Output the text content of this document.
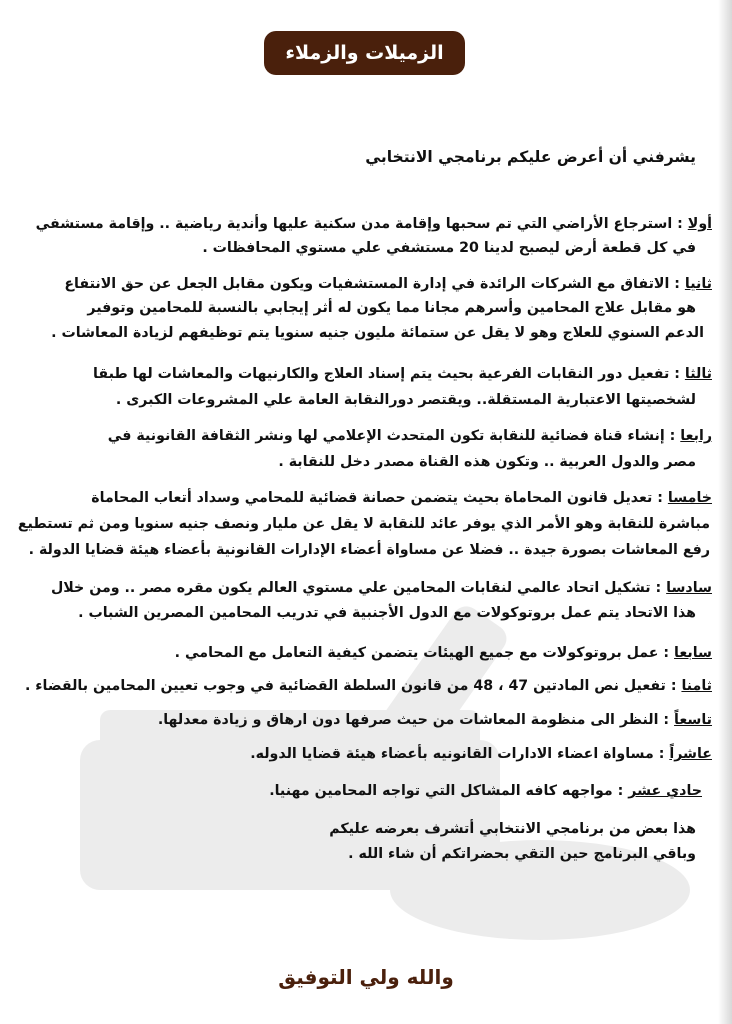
الزميلات والزملاء
يشرفني أن أعرض عليكم برنامجي الانتخابي
أولا : استرجاع الأراضي التي تم سحبها وإقامة مدن سكنية عليها وأندية رياضية .. وإقامة مستشفي
في كل قطعة أرض ليصبح لدينا 20 مستشفي علي مستوي المحافظات .
ثانيا : الاتفاق مع الشركات الرائدة في إدارة المستشفيات ويكون مقابل الجعل عن حق الانتفاع
هو مقابل علاج المحامين وأسرهم مجانا مما يكون له أثر إيجابي بالنسبة للمحامين وتوفير
الدعم السنوي للعلاج وهو لا يقل عن ستمائة مليون جنيه سنويا يتم توظيفهم لزيادة المعاشات .
ثالثا : تفعيل دور النقابات الفرعية بحيث يتم إسناد العلاج والكارنيهات والمعاشات لها طبقا
لشخصيتها الاعتبارية المستقلة.. ويقتصر دورالنقابة العامة علي المشروعات الكبرى .
رابعا : إنشاء قناة فضائية للنقابة تكون المتحدث الإعلامي لها ونشر الثقافة القانونية في
مصر والدول العربية .. وتكون هذه القناة مصدر دخل للنقابة .
خامسا : تعديل قانون المحاماة بحيث يتضمن حصانة قضائية للمحامي وسداد أتعاب المحاماة
مباشرة للنقابة وهو الأمر الذي يوفر عائد للنقابة لا يقل عن مليار ونصف جنيه سنويا ومن ثم تستطيع
رفع المعاشات بصورة جيدة .. فضلا عن مساواة أعضاء الإدارات القانونية بأعضاء هيئة قضايا الدولة .
سادسا : تشكيل اتحاد عالمي لنقابات المحامين علي مستوي العالم يكون مقره مصر .. ومن خلال
هذا الاتحاد يتم عمل بروتوكولات مع الدول الأجنبية في تدريب المحامين المصرين الشباب .
سابعا : عمل بروتوكولات مع جميع الهيئات يتضمن كيفية التعامل مع المحامي .
ثامنا : تفعيل نص المادتين 47 ، 48 من قانون السلطة القضائية في وجوب تعيين المحامين بالقضاء .
تاسعاً : النظر الى منظومة المعاشات من حيث صرفها دون ارهاق و زيادة معدلها.
عاشراً : مساواة اعضاء الادارات القانونيه بأعضاء هيئة قضايا الدوله.
حادي عشر : مواجهه كافه المشاكل التي تواجه المحامين مهنيا.
هذا بعض من برنامجي الانتخابي أتشرف بعرضه عليكم
وباقي البرنامج حين التقي بحضراتكم أن شاء الله .
والله ولي التوفيق
